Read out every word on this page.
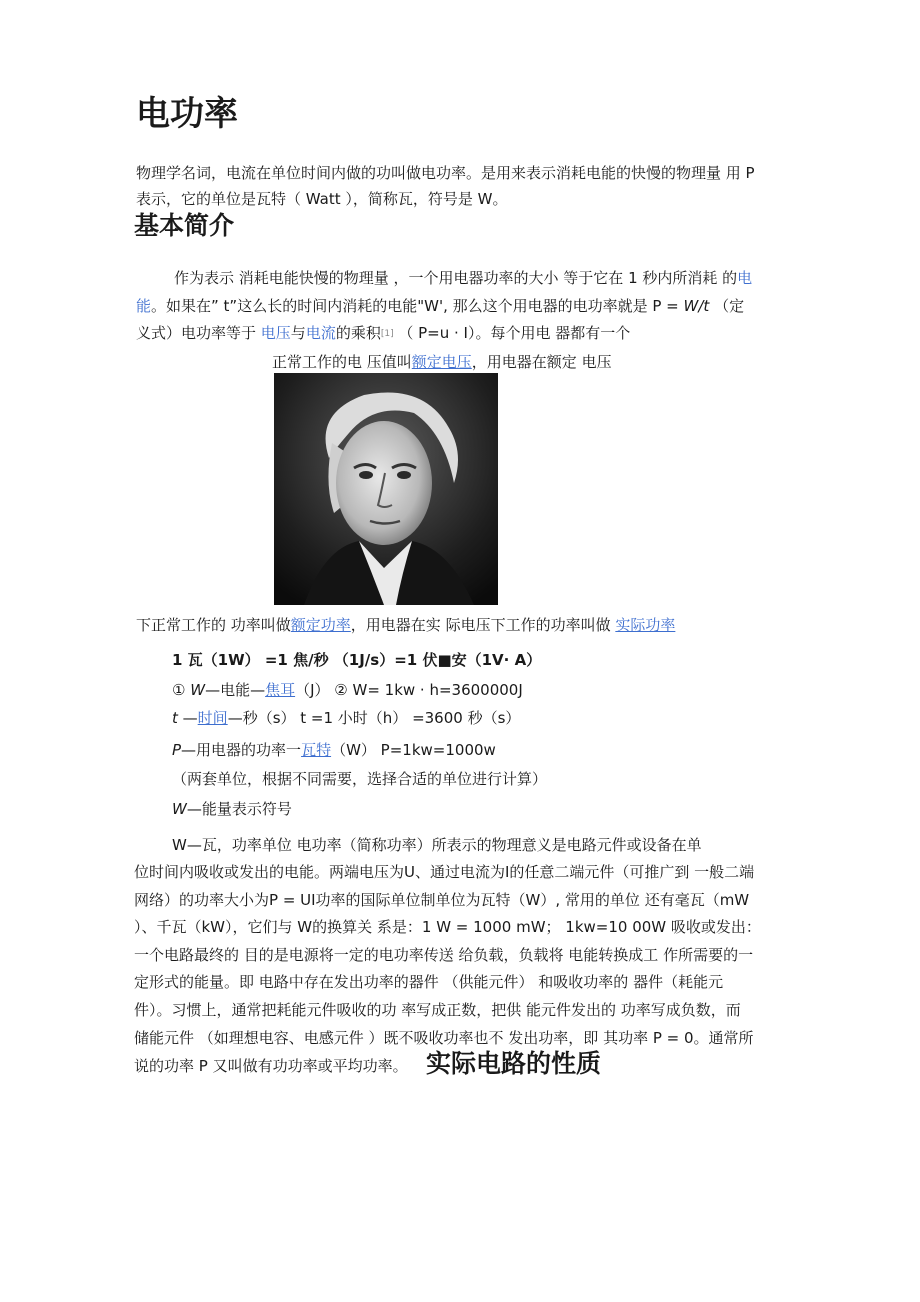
电功率
物理学名词，电流在单位时间内做的功叫做电功率。是用来表示消耗电能的快慢的物理量 用 P
表示，它的单位是瓦特（ Watt ），简称瓦，符号是 W。
基本简介
作为表示 消耗电能快慢的物理量 ，一个用电器功率的大小 等于它在 1 秒内所消耗 的电
能。如果在” t”这么长的时间内消耗的电能"W', 那么这个用电器的电功率就是 P = W/t （定
义式）电功率等于 电压与电流的乘积[1] （ P=u · I）。每个用电 器都有一个
正常工作的电 压值叫额定电压，用电器在额定 电压
下正常工作的 功率叫做额定功率，用电器在实 际电压下工作的功率叫做 实际功率
1 瓦（1W） =1 焦/秒 （1J/s）=1 伏■安（1V· A）
① W—电能—焦耳（J） ② W= 1kw · h=3600000J
t —时间—秒（s） t =1 小时（h） =3600 秒（s）
P—用电器的功率一瓦特（W） P=1kw=1000w
（两套单位，根据不同需要，选择合适的单位进行计算）
W—能量表示符号
W—瓦，功率单位 电功率（简称功率）所表示的物理意义是电路元件或设备在单
位时间内吸收或发出的电能。两端电压为U、通过电流为I的任意二端元件（可推广到 一般二端
网络）的功率大小为P = UI功率的国际单位制单位为瓦特（W）, 常用的单位 还有毫瓦（mW
）、千瓦（kW），它们与 W的换算关 系是：1 W = 1000 mW； 1kw=10 00W 吸收或发出：
一个电路最终的 目的是电源将一定的电功率传送 给负载，负载将 电能转换成工 作所需要的一
定形式的能量。即 电路中存在发出功率的器件 （供能元件） 和吸收功率的 器件（耗能元
件）。习惯上，通常把耗能元件吸收的功 率写成正数，把供 能元件发出的 功率写成负数，而
储能元件 （如理想电容、电感元件 ）既不吸收功率也不 发出功率，即 其功率 P = 0。通常所
说的功率 P 又叫做有功功率或平均功率。 实际电路的性质
